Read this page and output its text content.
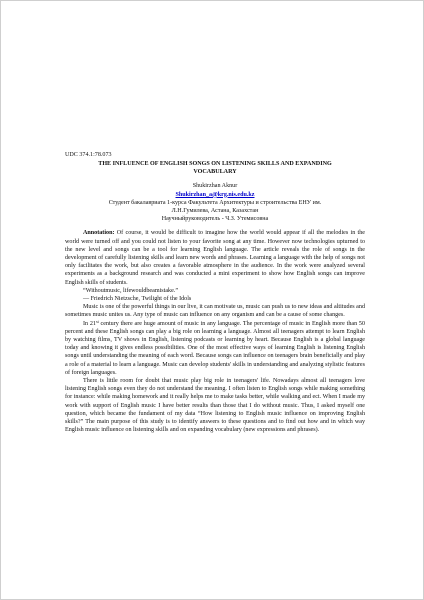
UDC 374.1:78.073
THE INFLUENCE OF ENGLISH SONGS ON LISTENING SKILLS AND EXPANDING VOCABULARY
Shukirzhan Aknur
Shukirzhan_a@krg.nis.edu.kz
Студент бакалавриата 1-курса Факультета Архитектуры и строительства ЕНУ им.
Л.Н.Гумилева, Астана, Казахстан
Научныйруководитель - Ч.З. Утемисовна

Annotation: Of course, it would be difficult to imagine how the world would appear if all the melodies in the world were turned off and you could not listen to your favorite song at any time. However now technologies upturned to the new level and songs can be a tool for learning English language. The article reveals the role of songs in the development of carefully listening skills and learn new words and phrases. Learning a language with the help of songs not only facilitates the work, but also creates a favorable atmosphere in the audience. In the work were analyzed several experiments as a background research and was conducted a mini experiment to show how English songs can improve English skills of students.

“Withoutmusic, lifewouldbeamistake.”
― Friedrich Nietzsche, Twilight of the Idols

Music is one of the powerful things in our live, it can motivate us, music can push us to new ideas and altitudes and sometimes music unites us. Any type of music can influence on any organism and can be a cause of some changes.

In 21st century there are huge amount of music in any language. The percentage of music in English more than 50 percent and these English songs can play a big role on learning a language. Almost all teenagers attempt to learn English by watching films, TV shows in English, listening podcasts or learning by heart. Because English is a global language today and knowing it gives endless possibilities. One of the most effective ways of learning English is listening English songs until understanding the meaning of each word. Because songs can influence on teenagers brain beneficially and play a role of a material to learn a language. Music can develop students' skills in understanding and analyzing stylistic features of foreign languages.

There is little room for doubt that music play big role in teenagers' life. Nowadays almost all teenagers love listening English songs even they do not understand the meaning. I often listen to English songs while making something for instance: while making homework and it really helps me to make tasks better, while walking and ect. When I made my work with support of English music I have better results than those that I do without music. Thus, I asked myself one question, which became the fundament of my data “How listening to English music influence on improving English skills?” The main purpose of this study is to identify answers to these questions and to find out how and in which way English music influence on listening skills and on expanding vocabulary (new expressions and phrases).
